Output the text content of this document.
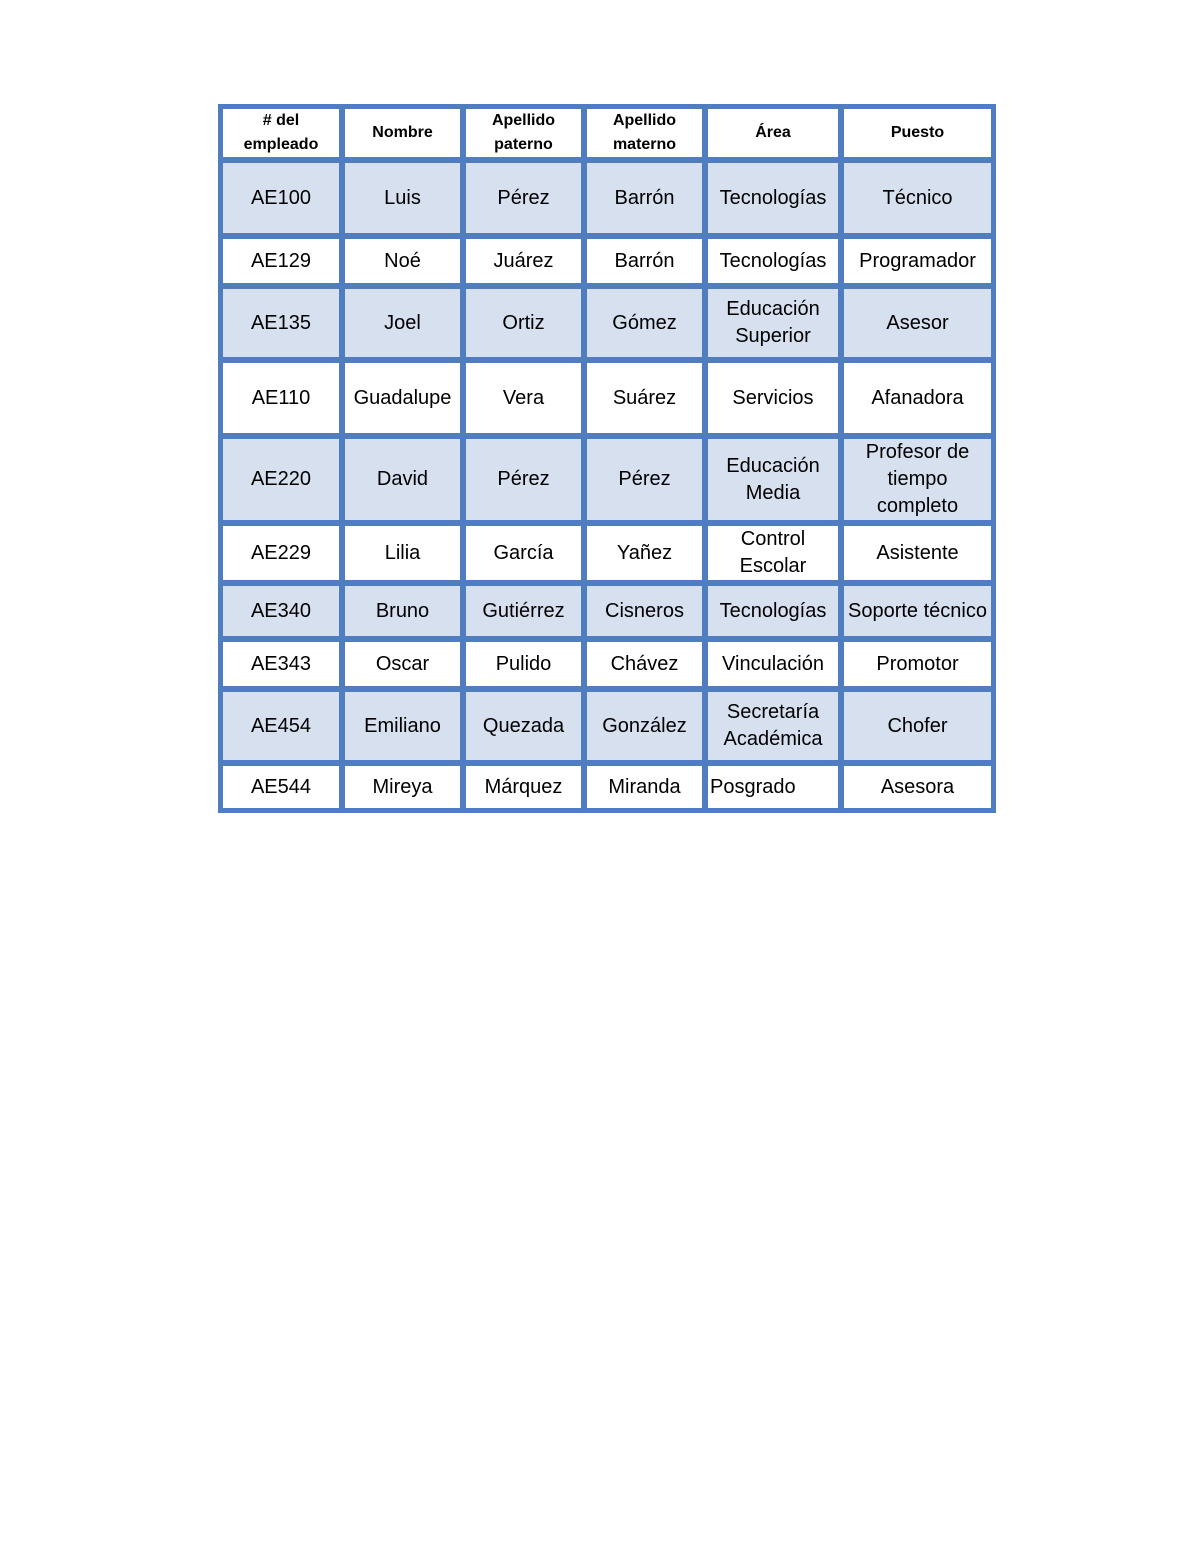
# del empleado	Nombre	Apellido paterno	Apellido materno	Área	Puesto
AE100	Luis	Pérez	Barrón	Tecnologías	Técnico
AE129	Noé	Juárez	Barrón	Tecnologías	Programador
AE135	Joel	Ortiz	Gómez	Educación Superior	Asesor
AE110	Guadalupe	Vera	Suárez	Servicios	Afanadora
AE220	David	Pérez	Pérez	Educación Media	Profesor de tiempo completo
AE229	Lilia	García	Yañez	Control Escolar	Asistente
AE340	Bruno	Gutiérrez	Cisneros	Tecnologías	Soporte técnico
AE343	Oscar	Pulido	Chávez	Vinculación	Promotor
AE454	Emiliano	Quezada	González	Secretaría Académica	Chofer
AE544	Mireya	Márquez	Miranda	Posgrado	Asesora
